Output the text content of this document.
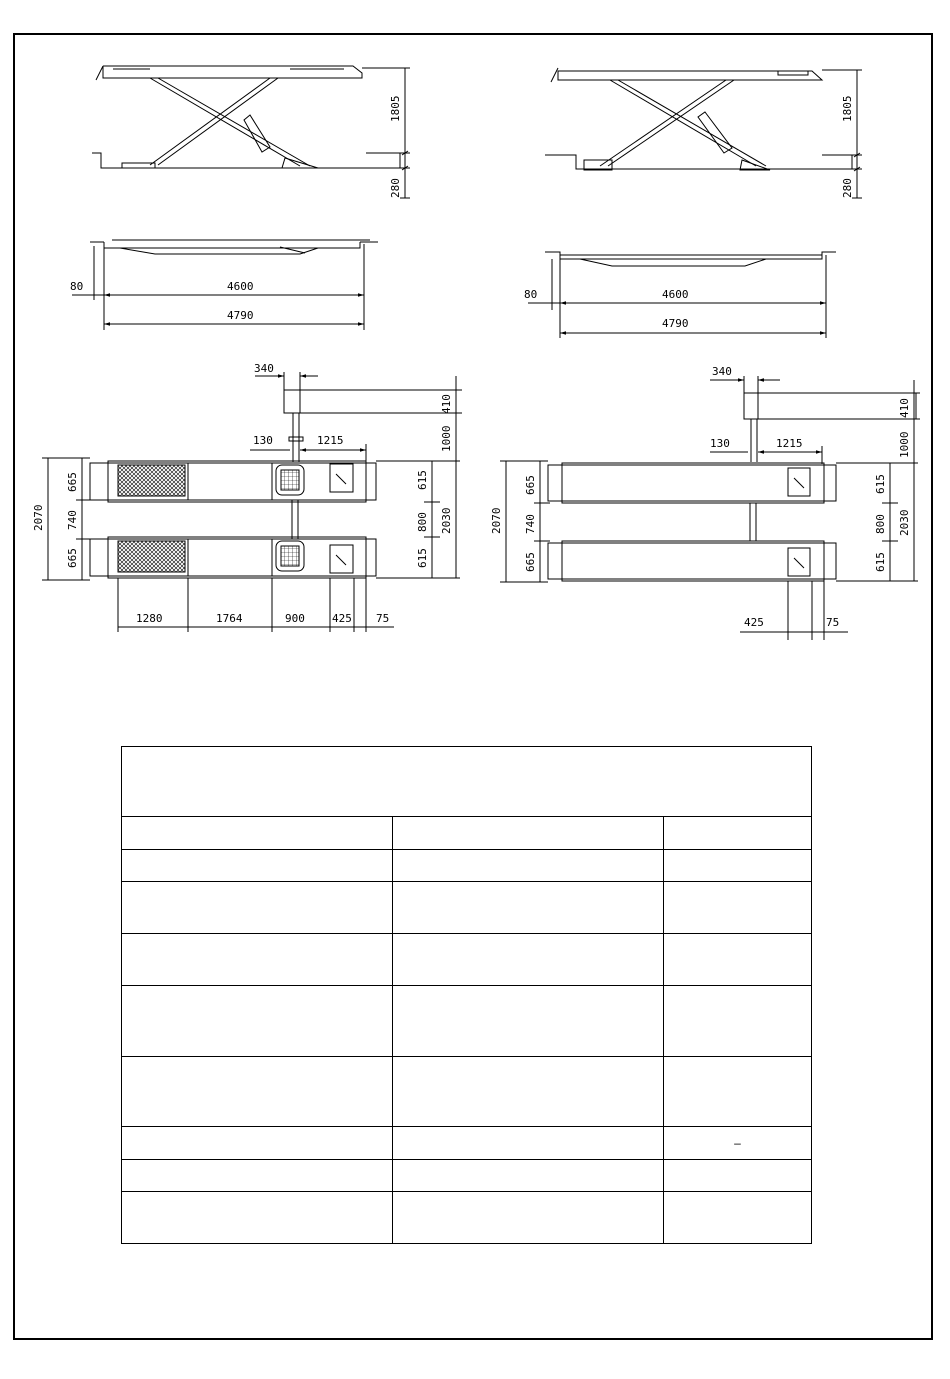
1805
280
80	4600
4790
340
410
1000
130	1215
2070
665
740
665
615
800
615
2030
1280	1764	900 425 75
1805
280
80	4600
4790
340
410
1000
130	1215
2070
665
740
665
615
800
615
2030
425	75

		–
